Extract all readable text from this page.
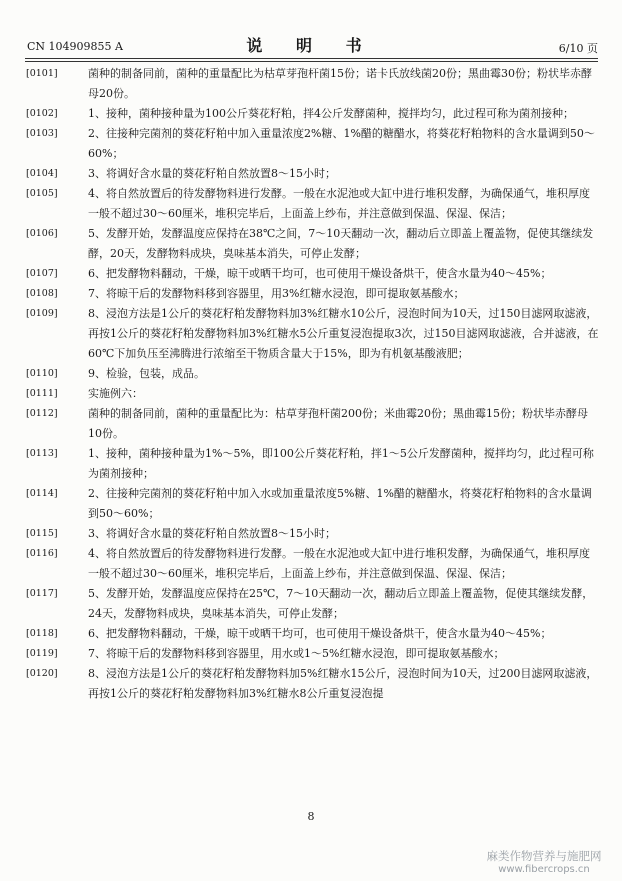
CN 104909855 A	说 明 书	6/10 页
[0101]	菌种的制备同前，菌种的重量配比为枯草芽孢杆菌15份；诺卡氏放线菌20份；黑曲霉30份；粉状毕赤酵母20份。
[0102]	1、接种，菌种接种量为100公斤葵花籽粕，拌4公斤发酵菌种，搅拌均匀，此过程可称为菌剂接种；
[0103]	2、往接种完菌剂的葵花籽粕中加入重量浓度2%糖、1%醋的糖醋水，将葵花籽粕物料的含水量调到50～60%；
[0104]	3、将调好含水量的葵花籽粕自然放置8～15小时；
[0105]	4、将自然放置后的待发酵物料进行发酵。一般在水泥池或大缸中进行堆积发酵，为确保通气，堆积厚度一般不超过30～60厘米，堆积完毕后，上面盖上纱布，并注意做到保温、保湿、保洁；
[0106]	5、发酵开始，发酵温度应保持在38℃之间，7～10天翻动一次，翻动后立即盖上覆盖物，促使其继续发酵，20天，发酵物料成块，臭味基本消失，可停止发酵；
[0107]	6、把发酵物料翻动，干燥，晾干或晒干均可，也可使用干燥设备烘干，使含水量为40～45%；
[0108]	7、将晾干后的发酵物料移到容器里，用3%红糖水浸泡，即可提取氨基酸水；
[0109]	8、浸泡方法是1公斤的葵花籽粕发酵物料加3%红糖水10公斤，浸泡时间为10天，过150目滤网取滤液，再按1公斤的葵花籽粕发酵物料加3%红糖水5公斤重复浸泡提取3次，过150目滤网取滤液，合并滤液，在60℃下加负压至沸腾进行浓缩至干物质含量大于15%，即为有机氨基酸液肥；
[0110]	9、检验，包装，成品。
[0111]	实施例六：
[0112]	菌种的制备同前，菌种的重量配比为：枯草芽孢杆菌200份；米曲霉20份；黑曲霉15份；粉状毕赤酵母10份。
[0113]	1、接种，菌种接种量为1%～5%，即100公斤葵花籽粕，拌1～5公斤发酵菌种，搅拌均匀，此过程可称为菌剂接种；
[0114]	2、往接种完菌剂的葵花籽粕中加入水或加重量浓度5%糖、1%醋的糖醋水，将葵花籽粕物料的含水量调到50～60%；
[0115]	3、将调好含水量的葵花籽粕自然放置8～15小时；
[0116]	4、将自然放置后的待发酵物料进行发酵。一般在水泥池或大缸中进行堆积发酵，为确保通气，堆积厚度一般不超过30～60厘米，堆积完毕后，上面盖上纱布，并注意做到保温、保湿、保洁；
[0117]	5、发酵开始，发酵温度应保持在25℃，7～10天翻动一次，翻动后立即盖上覆盖物，促使其继续发酵，24天，发酵物料成块，臭味基本消失，可停止发酵；
[0118]	6、把发酵物料翻动，干燥，晾干或晒干均可，也可使用干燥设备烘干，使含水量为40～45%；
[0119]	7、将晾干后的发酵物料移到容器里，用水或1～5%红糖水浸泡，即可提取氨基酸水；
[0120]	8、浸泡方法是1公斤的葵花籽粕发酵物料加5%红糖水15公斤，浸泡时间为10天，过200目滤网取滤液，再按1公斤的葵花籽粕发酵物料加3%红糖水8公斤重复浸泡提
8
麻类作物营养与施肥网
www.fibercrops.cn
